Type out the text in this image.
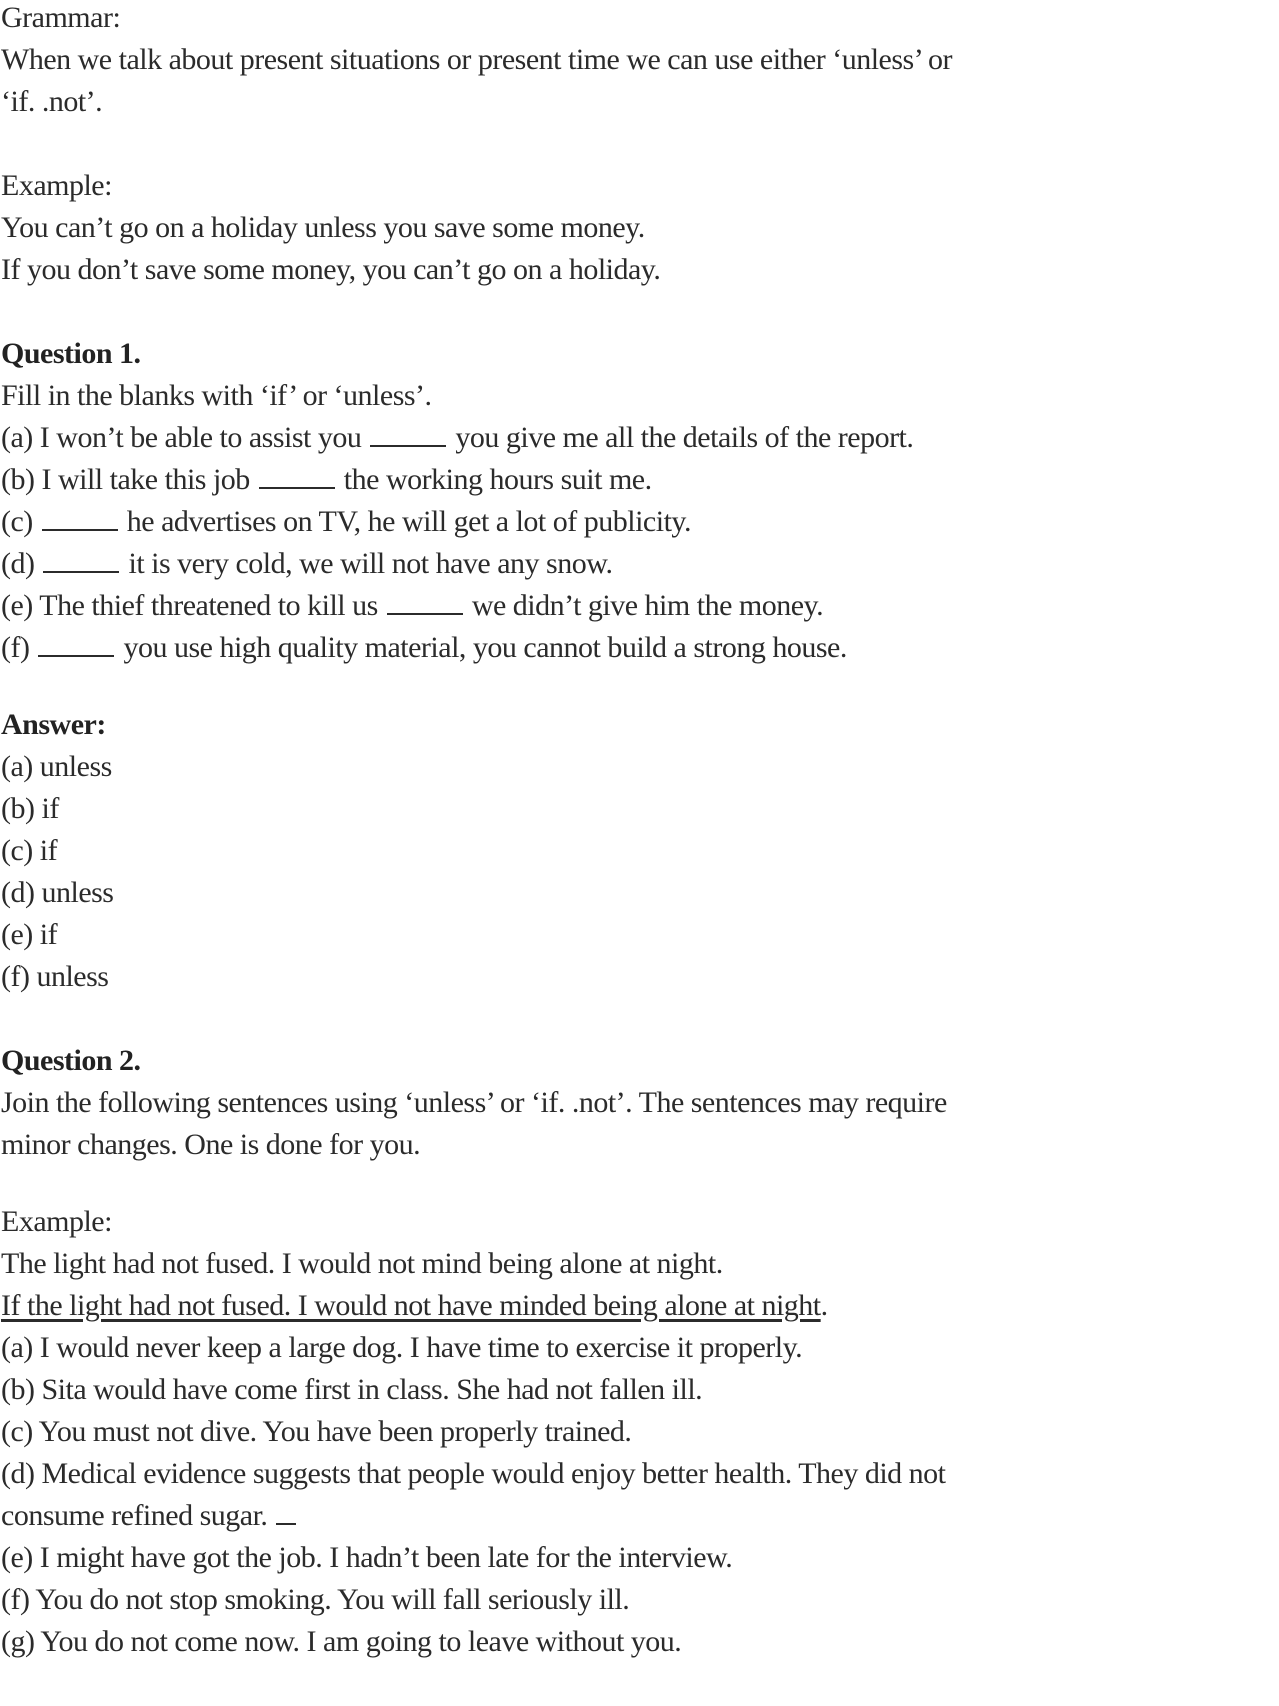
Grammar:
When we talk about present situations or present time we can use either ‘unless’ or
‘if. .not’.
Example:
You can’t go on a holiday unless you save some money.
If you don’t save some money, you can’t go on a holiday.
Question 1.
Fill in the blanks with ‘if’ or ‘unless’.
(a) I won’t be able to assist you	you give me all the details of the report.
(b) I will take this job	the working hours suit me.
(c)	he advertises on TV, he will get a lot of publicity.
(d)	it is very cold, we will not have any snow.
(e) The thief threatened to kill us	we didn’t give him the money.
(f)	you use high quality material, you cannot build a strong house.
Answer:
(a) unless
(b) if
(c) if
(d) unless
(e) if
(f) unless
Question 2.
Join the following sentences using ‘unless’ or ‘if. .not’. The sentences may require
minor changes. One is done for you.
Example:
The light had not fused. I would not mind being alone at night.
If the light had not fused. I would not have minded being alone at night.
(a) I would never keep a large dog. I have time to exercise it properly.
(b) Sita would have come first in class. She had not fallen ill.
(c) You must not dive. You have been properly trained.
(d) Medical evidence suggests that people would enjoy better health. They did not
consume refined sugar.
(e) I might have got the job. I hadn’t been late for the interview.
(f) You do not stop smoking. You will fall seriously ill.
(g) You do not come now. I am going to leave without you.
